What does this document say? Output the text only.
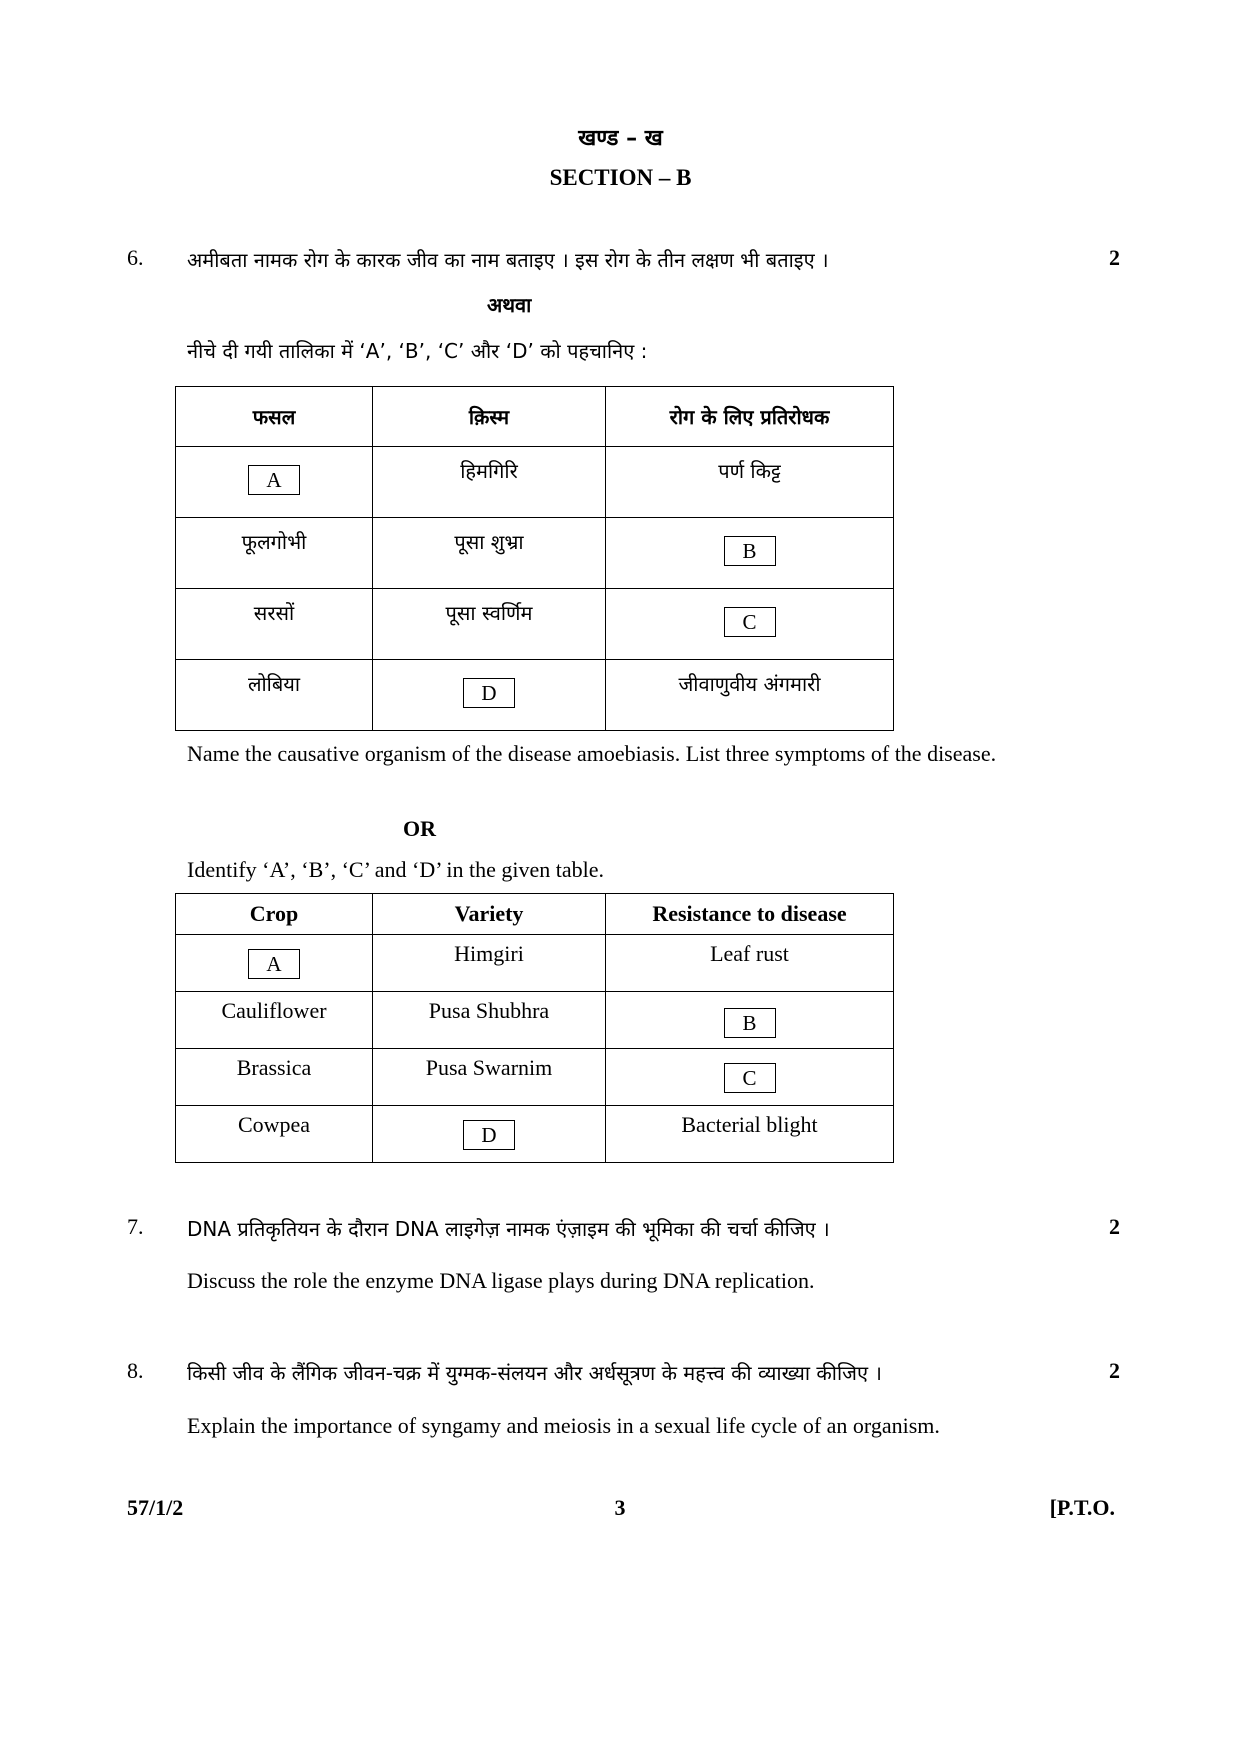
खण्ड – ख
SECTION – B
6.	2
अमीबता नामक रोग के कारक जीव का नाम बताइए । इस रोग के तीन लक्षण भी बताइए ।
अथवा
नीचे दी गयी तालिका में ‘A’, ‘B’, ‘C’ और ‘D’ को पहचानिए :
फसल	क़िस्म	रोग के लिए प्रतिरोधक
A	हिमगिरि	पर्ण किट्ट
फूलगोभी	पूसा शुभ्रा	B
सरसों	पूसा स्वर्णिम	C
लोबिया	D	जीवाणुवीय अंगमारी
Name the causative organism of the disease amoebiasis. List three symptoms of the disease.
OR
Identify ‘A’, ‘B’, ‘C’ and ‘D’ in the given table.
Crop	Variety	Resistance to disease
A	Himgiri	Leaf rust
Cauliflower	Pusa Shubhra	B
Brassica	Pusa Swarnim	C
Cowpea	D	Bacterial blight
7.	2
DNA प्रतिकृतियन के दौरान DNA लाइगेज़ नामक एंज़ाइम की भूमिका की चर्चा कीजिए ।
Discuss the role the enzyme DNA ligase plays during DNA replication.
8.	2
किसी जीव के लैंगिक जीवन-चक्र में युग्मक-संलयन और अर्धसूत्रण के महत्त्व की व्याख्या कीजिए ।
Explain the importance of syngamy and meiosis in a sexual life cycle of an organism.
57/1/2	3	[P.T.O.
